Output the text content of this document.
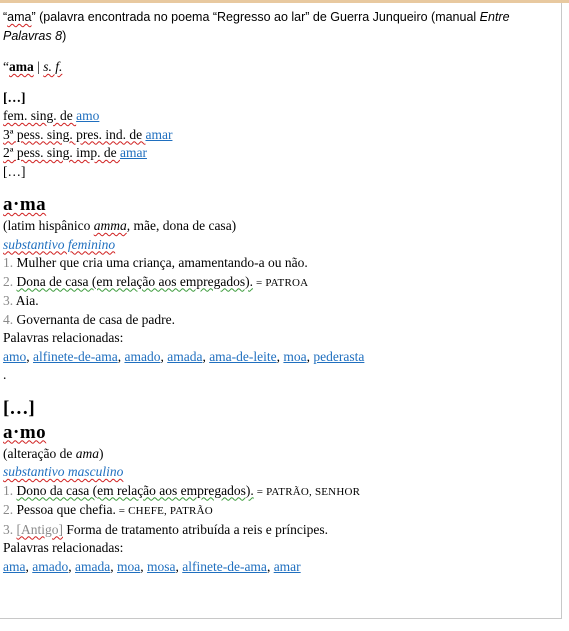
“ama” (palavra encontrada no poema “Regresso ao lar” de Guerra Junqueiro (manual Entre
Palavras 8)
“ama | s. f.
[…]
fem. sing. de amo
3ª pess. sing. pres. ind. de amar
2ª pess. sing. imp. de amar
[…]
a·ma
(latim hispânico amma, mãe, dona de casa)
substantivo feminino
1. Mulher que cria uma criança, amamentando-a ou não.
2. Dona de casa (em relação aos empregados). = PATROA
3. Aia.
4. Governanta de casa de padre.
Palavras relacionadas:
amo, alfinete-de-ama, amado, amada, ama-de-leite, moa, pederasta
.
[…]
a·mo
(alteração de ama)
substantivo masculino
1. Dono da casa (em relação aos empregados). = PATRÃO, SENHOR
2. Pessoa que chefia. = CHEFE, PATRÃO
3. [Antigo] Forma de tratamento atribuída a reis e príncipes.
Palavras relacionadas:
ama, amado, amada, moa, mosa, alfinete-de-ama, amar
